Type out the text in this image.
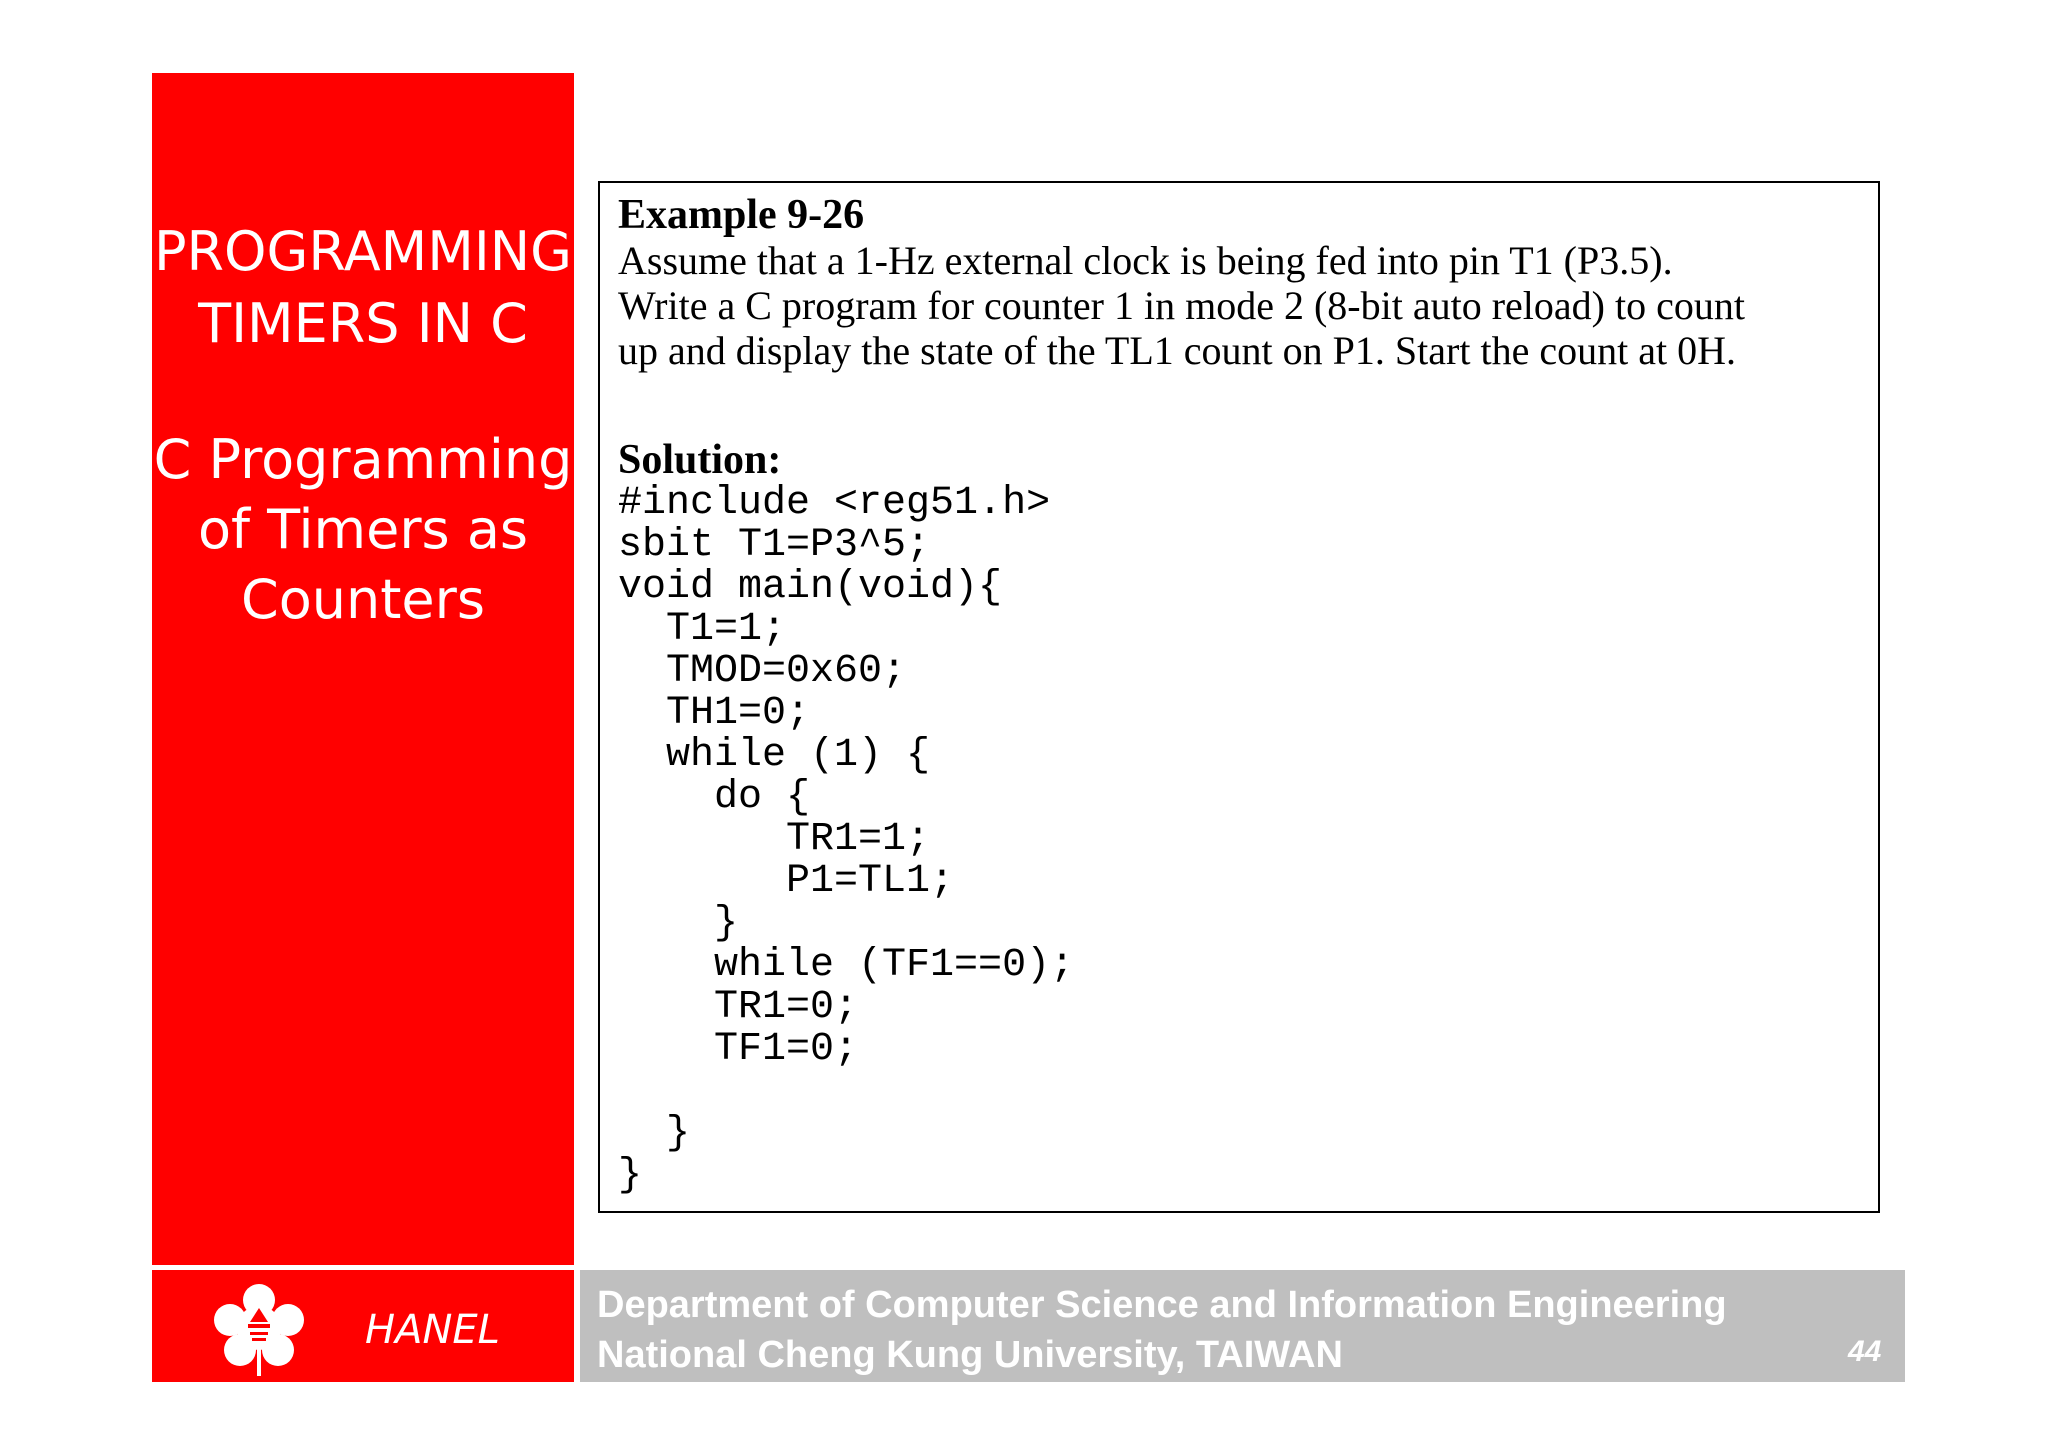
PROGRAMMING
TIMERS IN C
C Programming
of Timers as
Counters
Example 9-26
Assume that a 1-Hz external clock is being fed into pin T1 (P3.5).
Write a C program for counter 1 in mode 2 (8-bit auto reload) to count
up and display the state of the TL1 count on P1. Start the count at 0H.
Solution:
#include <reg51.h>
sbit T1=P3^5;
void main(void){
T1=1;
TMOD=0x60;
TH1=0;
while (1) {
do {
TR1=1;
P1=TL1;
}
while (TF1==0);
TR1=0;
TF1=0;

}
}
HANEL
Department of Computer Science and Information Engineering
National Cheng Kung University, TAIWAN	44
